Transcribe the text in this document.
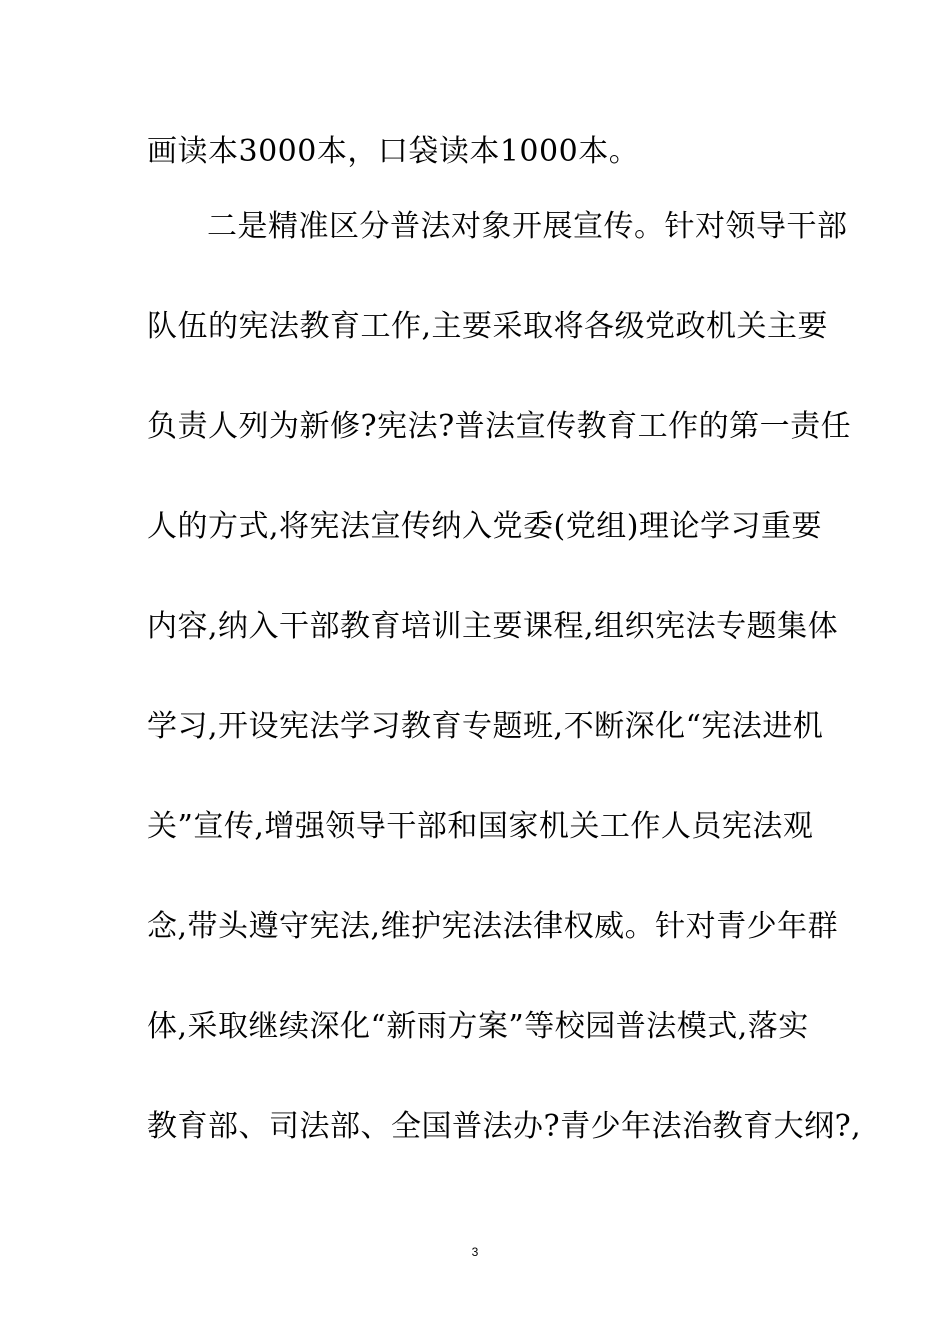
画读本3000本，口袋读本1000本。

二是精准区分普法对象开展宣传。针对领导干部

队伍的宪法教育工作,主要采取将各级党政机关主要

负责人列为新修?宪法?普法宣传教育工作的第一责任

人的方式,将宪法宣传纳入党委(党组)理论学习重要

内容,纳入干部教育培训主要课程,组织宪法专题集体

学习,开设宪法学习教育专题班,不断深化“宪法进机

关”宣传,增强领导干部和国家机关工作人员宪法观

念,带头遵守宪法,维护宪法法律权威。针对青少年群

体,采取继续深化“新雨方案”等校园普法模式,落实

教育部、司法部、全国普法办?青少年法治教育大纲?,

3
